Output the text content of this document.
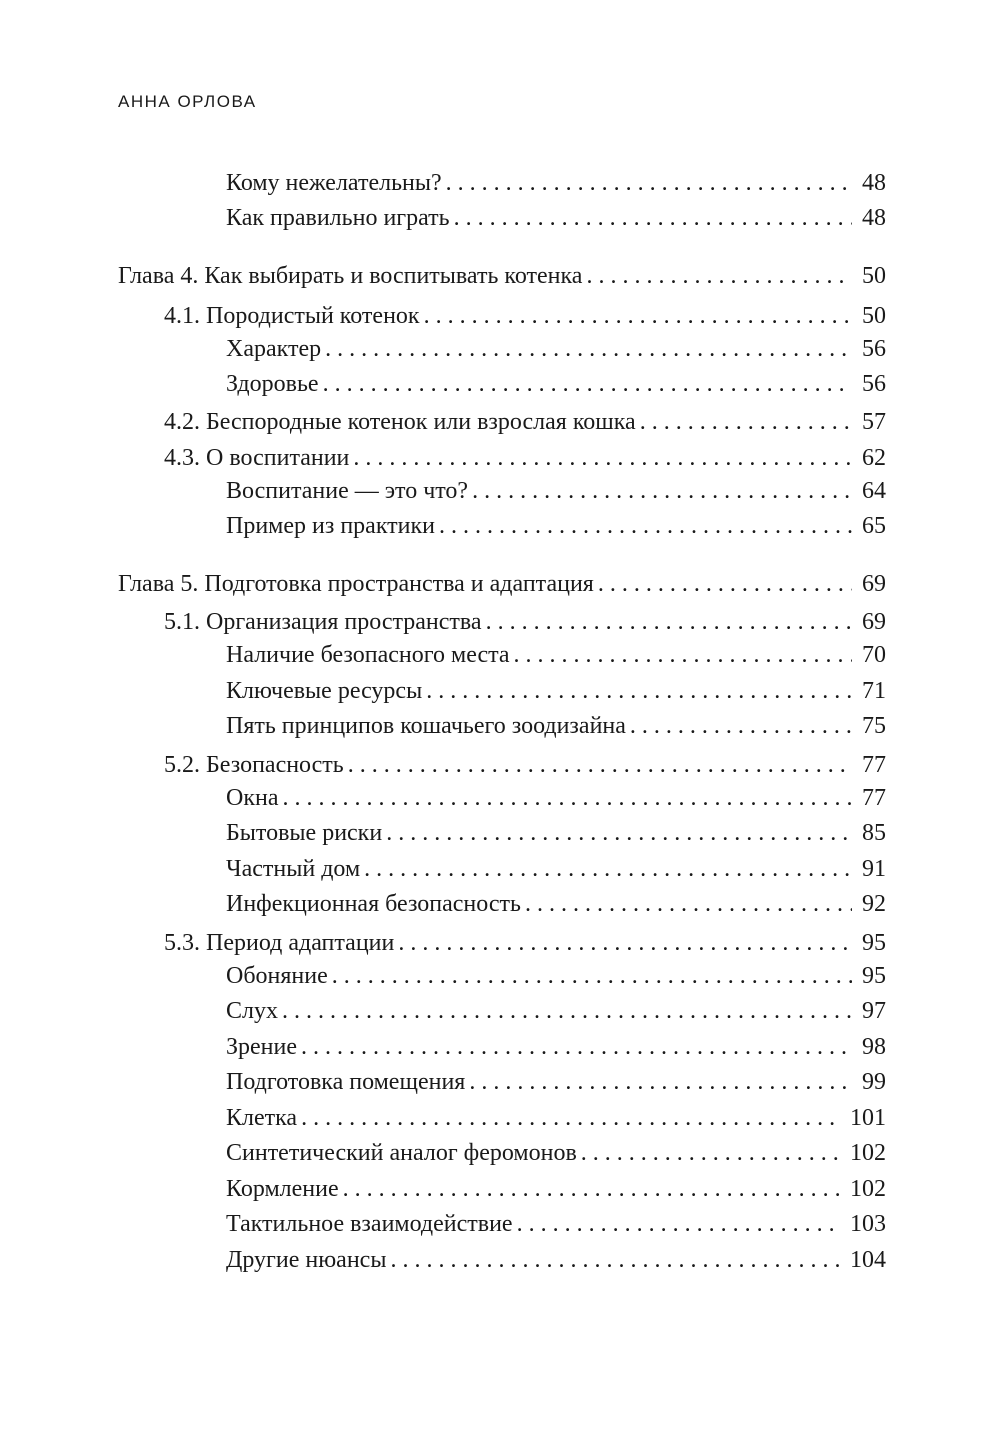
АННА ОРЛОВА
Кому нежелательны? . . .	48
Как правильно играть . . .	48
Глава 4. Как выбирать и воспитывать котенка . . .	50
4.1. Породистый котенок . . .	50
Характер . . .	56
Здоровье . . .	56
4.2. Беспородные котенок или взрослая кошка . . .	57
4.3. О воспитании . . .	62
Воспитание — это что? . . .	64
Пример из практики . . .	65
Глава 5. Подготовка пространства и адаптация . . .	69
5.1. Организация пространства . . .	69
Наличие безопасного места . . .	70
Ключевые ресурсы . . .	71
Пять принципов кошачьего зоодизайна . . .	75
5.2. Безопасность . . .	77
Окна . . .	77
Бытовые риски . . .	85
Частный дом . . .	91
Инфекционная безопасность . . .	92
5.3. Период адаптации . . .	95
Обоняние . . .	95
Слух . . .	97
Зрение . . .	98
Подготовка помещения . . .	99
Клетка . . .	101
Синтетический аналог феромонов . . .	102
Кормление . . .	102
Тактильное взаимодействие . . .	103
Другие нюансы . . .	104
